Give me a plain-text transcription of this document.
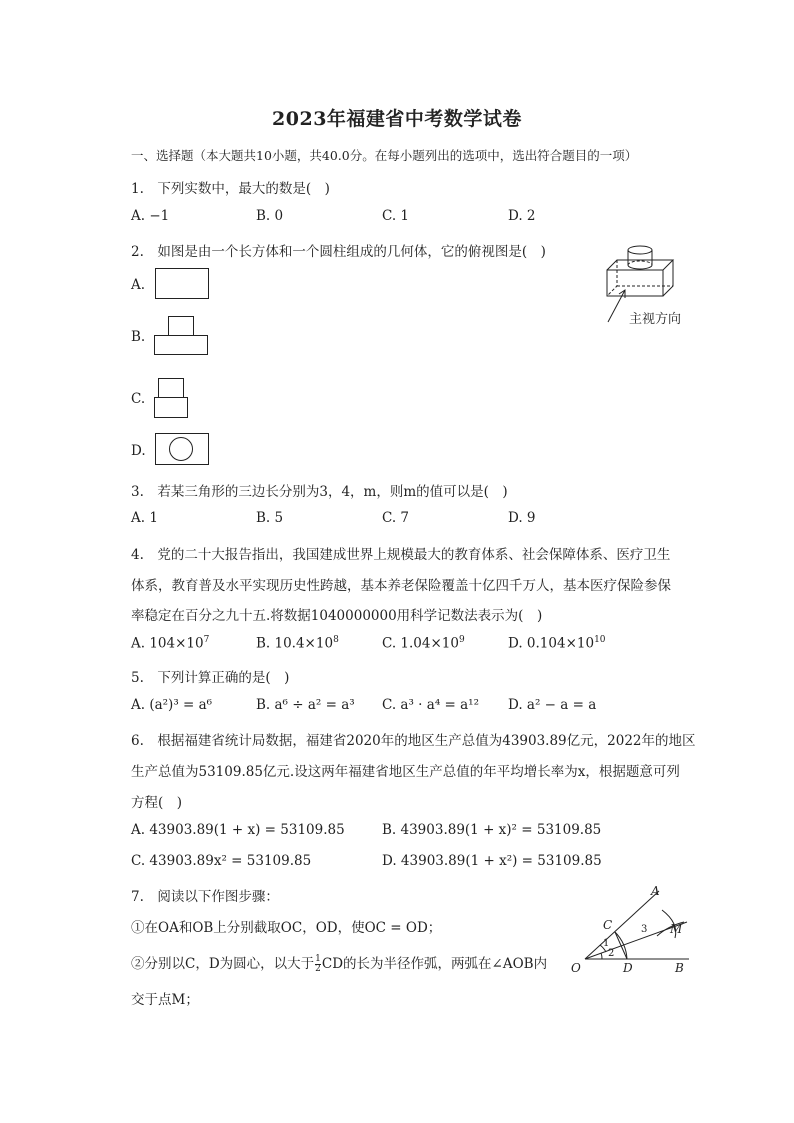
2023年福建省中考数学试卷
一、选择题（本大题共10小题，共40.0分。在每小题列出的选项中，选出符合题目的一项）
1.　下列实数中，最大的数是(　)
A. −1	B. 0	C. 1	D. 2
2.　如图是由一个长方体和一个圆柱组成的几何体，它的俯视图是(　)
A.
B.
C.
D.
主视方向
3.　若某三角形的三边长分别为3，4，m，则m的值可以是(　)
A. 1	B. 5	C. 7	D. 9
4.　党的二十大报告指出，我国建成世界上规模最大的教育体系、社会保障体系、医疗卫生
体系，教育普及水平实现历史性跨越，基本养老保险覆盖十亿四千万人，基本医疗保险参保
率稳定在百分之九十五.将数据1040000000用科学记数法表示为(　)
A. $104\times 10^7$	B. $10.4\times 10^8$	C. $1.04\times 10^9$	D. $0.104\times 10^{10}$
5.　下列计算正确的是(　)
A. (a²)³ = a⁶	B. a⁶ ÷ a² = a³ C. a³ · a⁴ = a¹² D. a² − a = a
6.　根据福建省统计局数据，福建省2020年的地区生产总值为43903.89亿元，2022年的地区
生产总值为53109.85亿元.设这两年福建省地区生产总值的年平均增长率为x，根据题意可列
方程(　)
A. 43903.89(1 + x) = 53109.85	B. 43903.89(1 + x)² = 53109.85
C. 43903.89x² = 53109.85	D. 43903.89(1 + x²) = 53109.85
7.　阅读以下作图步骤：
①在OA和OB上分别截取OC，OD，使OC = OD；
②分别以C，D为圆心，以大于 $\frac{1}{2}$ CD的长为半径作弧，两弧在∠AOB内
交于点M；
O
A
B
C
D
M
1
2
3
